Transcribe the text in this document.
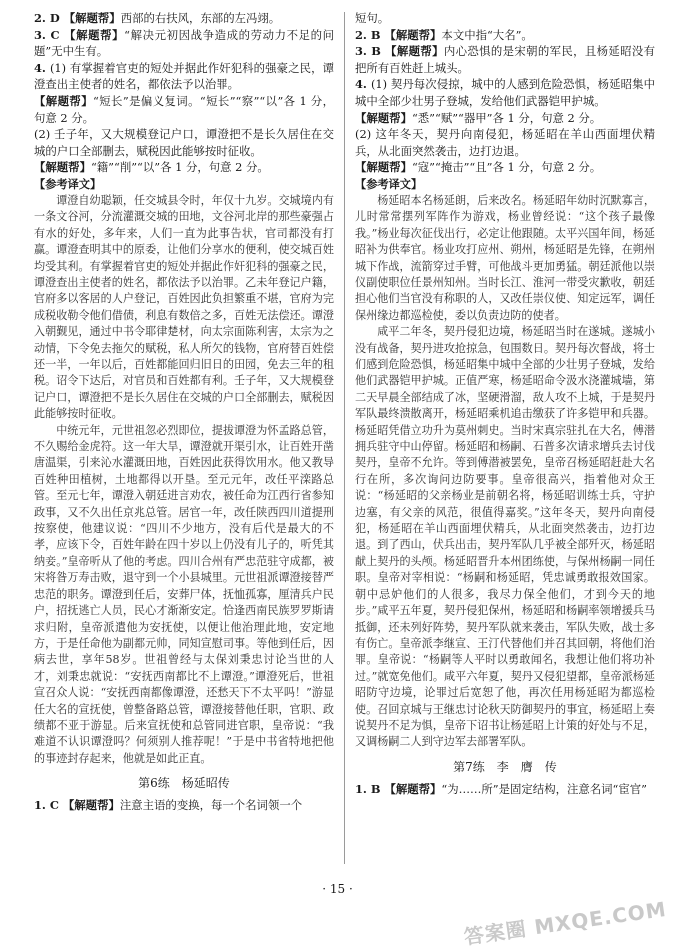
2. D 【解题帮】西部的右扶风，东部的左冯翊。

3. C 【解题帮】“解决元初因战争造成的劳动力不足的问题”无中生有。

4. (1) 有掌握着官吏的短处并据此作奸犯科的强豪之民，谭澄查出主使者的姓名，都依法予以治罪。

【解题帮】“短长”是偏义复词。“短长”“察”“以”各 1 分，句意 2 分。

(2) 壬子年，又大规模登记户口，谭澄把不是长久居住在交城的户口全部删去，赋税因此能够按时征收。

【解题帮】“籍”“削”“以”各 1 分，句意 2 分。

【参考译文】

谭澄自幼聪颖，任交城县令时，年仅十九岁。交城境内有一条文谷河，分流灌溉交城的田地，文谷河北岸的那些豪强占有水的好处，多年来，人们一直为此事告状，官司都没有打赢。谭澄查明其中的原委，让他们分享水的便利，使交城百姓均受其利。有掌握着官吏的短处并据此作奸犯科的强豪之民，谭澄查出主使者的姓名，都依法予以治罪。乙未年登记户籍，官府多以客居的人户登记，百姓因此负担繁重不堪，官府为完成税收勒令他们借债，利息有数倍之多，百姓无法偿还。谭澄入朝觐见，通过中书令耶律楚材，向太宗面陈利害，太宗为之动情，下令免去拖欠的赋税，私人所欠的钱物，官府替百姓偿还一半，一年以后，百姓都能回归旧日的田园，免去三年的租税。诏令下达后，对官员和百姓都有利。壬子年，又大规模登记户口，谭澄把不是长久居住在交城的户口全部删去，赋税因此能够按时征收。

中统元年，元世祖忽必烈即位，提拔谭澄为怀孟路总管，不久赐给金虎符。这一年大旱，谭澄就开渠引水，让百姓开凿唐温渠，引来沁水灌溉田地，百姓因此获得饮用水。他又教导百姓种田植树，土地都得以开垦。至元元年，改任平滦路总管。至元七年，谭澄入朝廷进言劝农，被任命为江西行省参知政事，又不久出任京兆总管。居官一年，改任陕西四川道提刑按察使，他建议说：“四川不少地方，没有后代是最大的不孝，应该下令，百姓年龄在四十岁以上仍没有儿子的，听凭其纳妾。”皇帝听从了他的考虑。四川合州有严忠范驻守成都，被宋将昝万寿击败，退守到一个小县城里。元世祖派谭澄接替严忠范的职务。谭澄到任后，安葬尸体，抚恤孤寡，厘清兵户民户，招抚逃亡人员，民心才渐渐安定。恰逢西南民族罗罗斯请求归附，皇帝派遣他为安抚使，以便让他治理此地，安定地方，于是任命他为副都元帅，同知宣慰司事。等他到任后，因病去世，享年58岁。世祖曾经与太保刘秉忠讨论当世的人才，刘秉忠就说：“安抚西南都比不上谭澄。”谭澄死后，世祖宣召众人说：“安抚西南都像谭澄，还愁天下不太平吗！”游显任大名的宣抚使，曾整备路总管，谭澄接替他任职，官职、政绩都不亚于游显。后来宣抚使和总管同进官职，皇帝说：“我难道不认识谭澄吗？何须别人推荐呢！”于是中书省特地把他的事迹封存起来，他就是如此正直。

第6练　杨延昭传

1. C 【解题帮】注意主语的变换，每一个名词领一个

短句。

2. B 【解题帮】本文中指“大名”。

3. B 【解题帮】内心恐惧的是宋朝的军民，且杨延昭没有把所有百姓赶上城头。

4. (1) 契丹每次侵掠，城中的人感到危险恐惧，杨延昭集中城中全部少壮男子登城，发给他们武器铠甲护城。

【解题帮】“悉”“赋”“器甲”各 1 分，句意 2 分。

(2) 这年冬天，契丹向南侵犯，杨延昭在羊山西面埋伏精兵，从北面突然袭击，边打边退。

【解题帮】“寇”“掩击”“且”各 1 分，句意 2 分。

【参考译文】

杨延昭本名杨延朗，后来改名。杨延昭年幼时沉默寡言，儿时常常摆列军阵作为游戏，杨业曾经说：“这个孩子最像我。”杨业每次征伐出行，必定让他跟随。太平兴国年间，杨延昭补为供奉官。杨业攻打应州、朔州，杨延昭是先锋，在朔州城下作战，流箭穿过手臂，可他战斗更加勇猛。朝廷派他以崇仪副使职位任景州知州。当时长江、淮河一带受灾歉收，朝廷担心他们当官没有称职的人，又改任崇仪使、知定远军，调任保州缘边都巡检使，委以负责边防的使者。

咸平二年冬，契丹侵犯边境，杨延昭当时在遂城。遂城小没有战备，契丹进攻抢掠急，包围数日。契丹每次督战，将士们感到危险恐惧，杨延昭集中城中全部的少壮男子登城，发给他们武器铠甲护城。正值严寒，杨延昭命令汲水浇灌城墙，第二天早晨全部结成了冰，坚硬滑溜，敌人攻不上城，于是契丹军队最终溃散离开，杨延昭乘机追击缴获了许多铠甲和兵器。杨延昭凭借立功升为莫州刺史。当时宋真宗驻扎在大名，傅潜拥兵驻守中山停留。杨延昭和杨嗣、石普多次请求增兵去讨伐契丹，皇帝不允许。等到傅潜被罢免，皇帝召杨延昭赶赴大名行在所，多次询问边防要事。皇帝很高兴，指着他对众王说：“杨延昭的父亲杨业是前朝名将，杨延昭训练士兵，守护边塞，有父亲的风范，很值得嘉奖。”这年冬天，契丹向南侵犯，杨延昭在羊山西面埋伏精兵，从北面突然袭击，边打边退。到了西山，伏兵出击，契丹军队几乎被全部歼灭，杨延昭献上契丹的头颅。杨延昭晋升本州团练使，与保州杨嗣一同任职。皇帝对宰相说：“杨嗣和杨延昭，凭忠诚勇敢报效国家。朝中忌妒他们的人很多，我尽力保全他们，才到今天的地步。”咸平五年夏，契丹侵犯保州，杨延昭和杨嗣率领增援兵马抵御，还未列好阵势，契丹军队就来袭击，军队失败，战士多有伤亡。皇帝派李继宣、王汀代替他们并召其回朝，将他们治罪。皇帝说：“杨嗣等人平时以勇敢闻名，我想让他们将功补过。”就宽免他们。咸平六年夏，契丹又侵犯望都，皇帝派杨延昭防守边境，论罪过后宽恕了他，再次任用杨延昭为都巡检使。召回京城与王继忠讨论秋天防御契丹的事宜，杨延昭上奏说契丹不足为惧，皇帝下诏书让杨延昭上计策的好处与不足，又调杨嗣二人到守边军去部署军队。

第7练　李　膺　传

1. B 【解题帮】“为……所”是固定结构，注意名词“宦官”

· 15 ·
答案圈 MXQE.COM
